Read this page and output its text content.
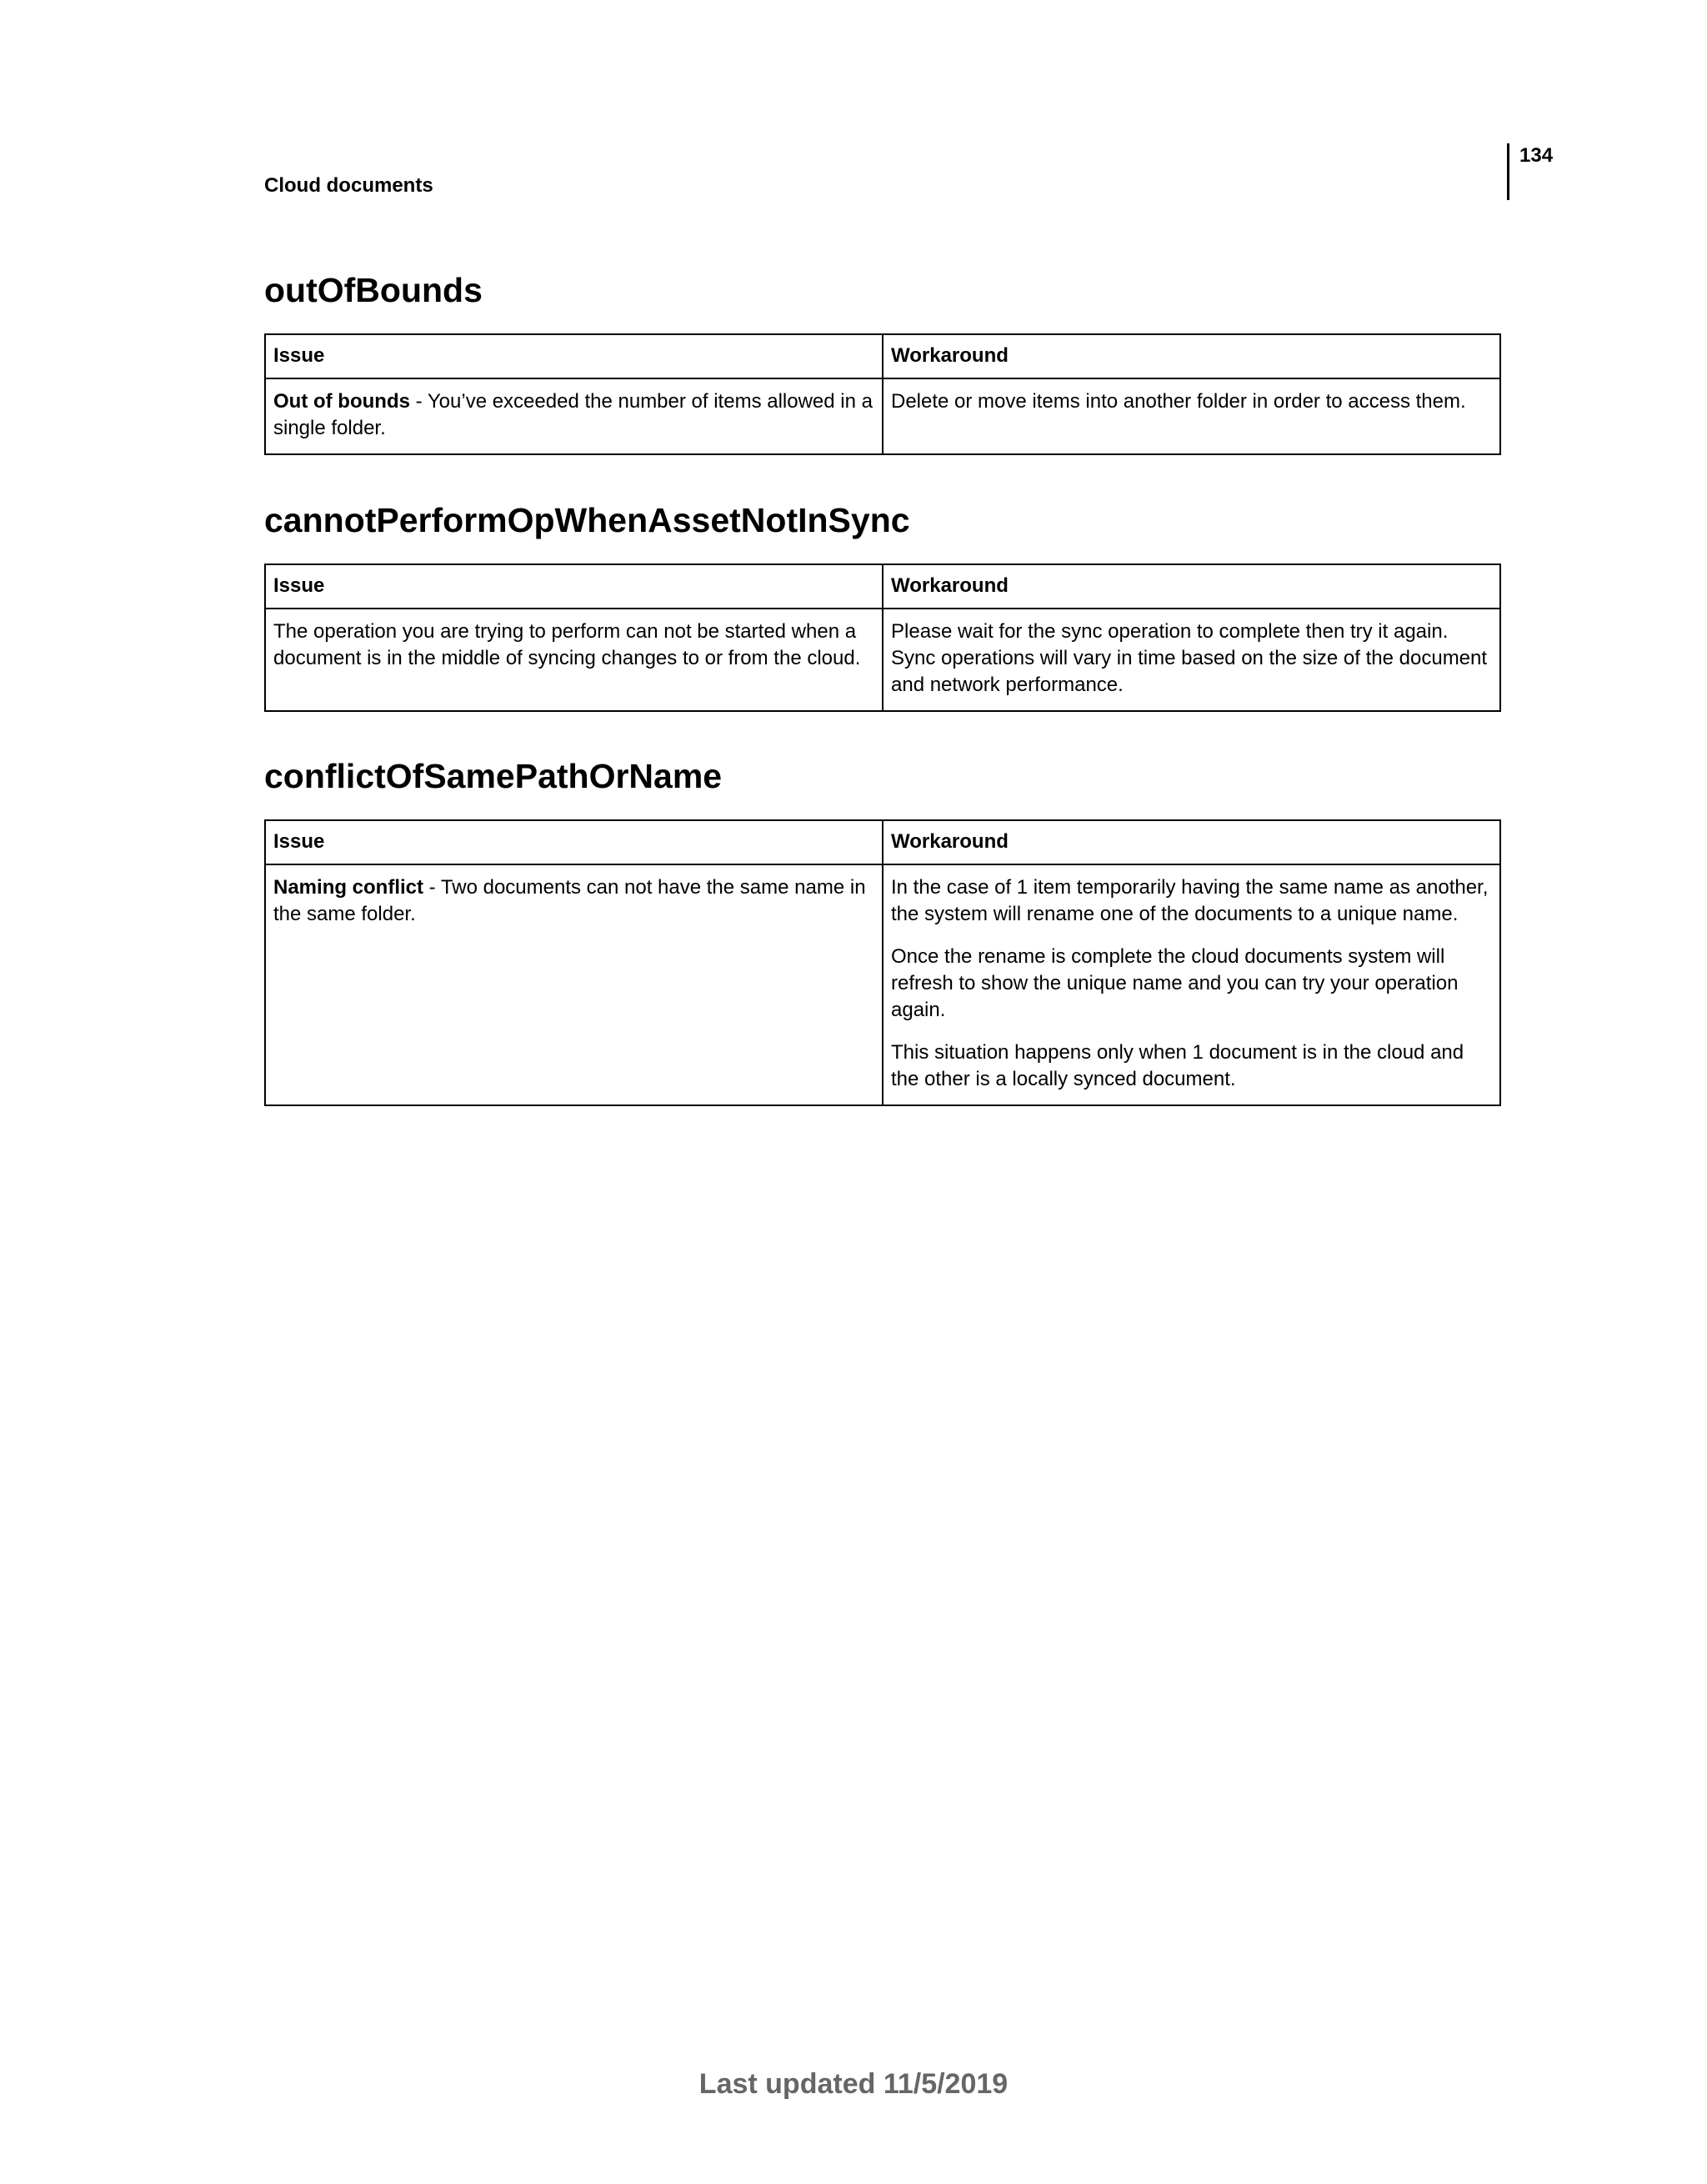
134
Cloud documents
outOfBounds
Issue	Workaround
Out of bounds - You’ve exceeded the number of items allowed in a single folder.	Delete or move items into another folder in order to access them.

cannotPerformOpWhenAssetNotInSync
Issue	Workaround
The operation you are trying to perform can not be started when a document is in the middle of syncing changes to or from the cloud.	Please wait for the sync operation to complete then try it again. Sync operations will vary in time based on the size of the document and network performance.

conflictOfSamePathOrName
Issue	Workaround
Naming conflict - Two documents can not have the same name in the same folder.	In the case of 1 item temporarily having the same name as another, the system will rename one of the documents to a unique name.

Once the rename is complete the cloud documents system will refresh to show the unique name and you can try your operation again.

This situation happens only when 1 document is in the cloud and the other is a locally synced document.

Last updated 11/5/2019
